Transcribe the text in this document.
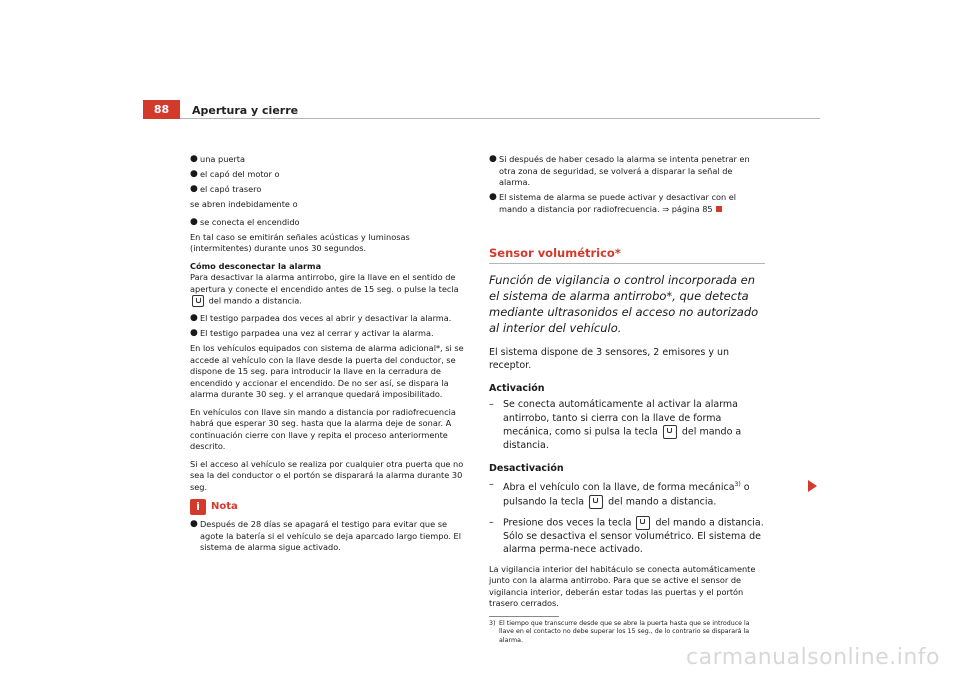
88	Apertura y cierre
● una puerta
● el capó del motor o
● el capó trasero

se abren indebidamente o

● se conecta el encendido

En tal caso se emitirán señales acústicas y luminosas (intermitentes) durante unos 30 segundos.

Cómo desconectar la alarma

Para desactivar la alarma antirrobo, gire la llave en el sentido de apertura y conecte el encendido antes de 15 seg. o pulse la tecla  del mando a distancia.

● El testigo parpadea dos veces al abrir y desactivar la alarma.
● El testigo parpadea una vez al cerrar y activar la alarma.

En los vehículos equipados con sistema de alarma adicional*, si se accede al vehículo con la llave desde la puerta del conductor, se dispone de 15 seg. para introducir la llave en la cerradura de encendido y accionar el encendido. De no ser así, se dispara la alarma durante 30 seg. y el arranque quedará imposibilitado.

En vehículos con llave sin mando a distancia por radiofrecuencia habrá que esperar 30 seg. hasta que la alarma deje de sonar. A continuación cierre con llave y repita el proceso anteriormente descrito.

Si el acceso al vehículo se realiza por cualquier otra puerta que no sea la del conductor o el portón se disparará la alarma durante 30 seg.

i	Nota
● Después de 28 días se apagará el testigo para evitar que se agote la batería si el vehículo se deja aparcado largo tiempo. El sistema de alarma sigue activado.
● Si después de haber cesado la alarma se intenta penetrar en otra zona de seguridad, se volverá a disparar la señal de alarma.
● El sistema de alarma se puede activar y desactivar con el mando a distancia por radiofrecuencia. ⇒ página 85
Sensor volumétrico*

Función de vigilancia o control incorporada en el sistema de alarma antirrobo*, que detecta mediante ultrasonidos el acceso no autorizado al interior del vehículo.

El sistema dispone de 3 sensores, 2 emisores y un receptor.

Activación
– Se conecta automáticamente al activar la alarma antirrobo, tanto si cierra con la llave de forma mecánica, como si pulsa la tecla	del mando a distancia.
Desactivación
– Abra el vehículo con la llave, de forma mecánica$^{3)}$ o pulsando la tecla	del mando a distancia.
– Presione dos veces la tecla	del mando a distancia. Sólo se desactiva el sensor volumétrico. El sistema de alarma perma-nece activado.

La vigilancia interior del habitáculo se conecta automáticamente junto con la alarma antirrobo. Para que se active el sensor de vigilancia interior, deberán estar todas las puertas y el portón trasero cerrados.

3) El tiempo que transcurre desde que se abre la puerta hasta que se introduce la llave en el contacto no debe superar los 15 seg., de lo contrario se disparará la alarma.
carmanualsonline.info
